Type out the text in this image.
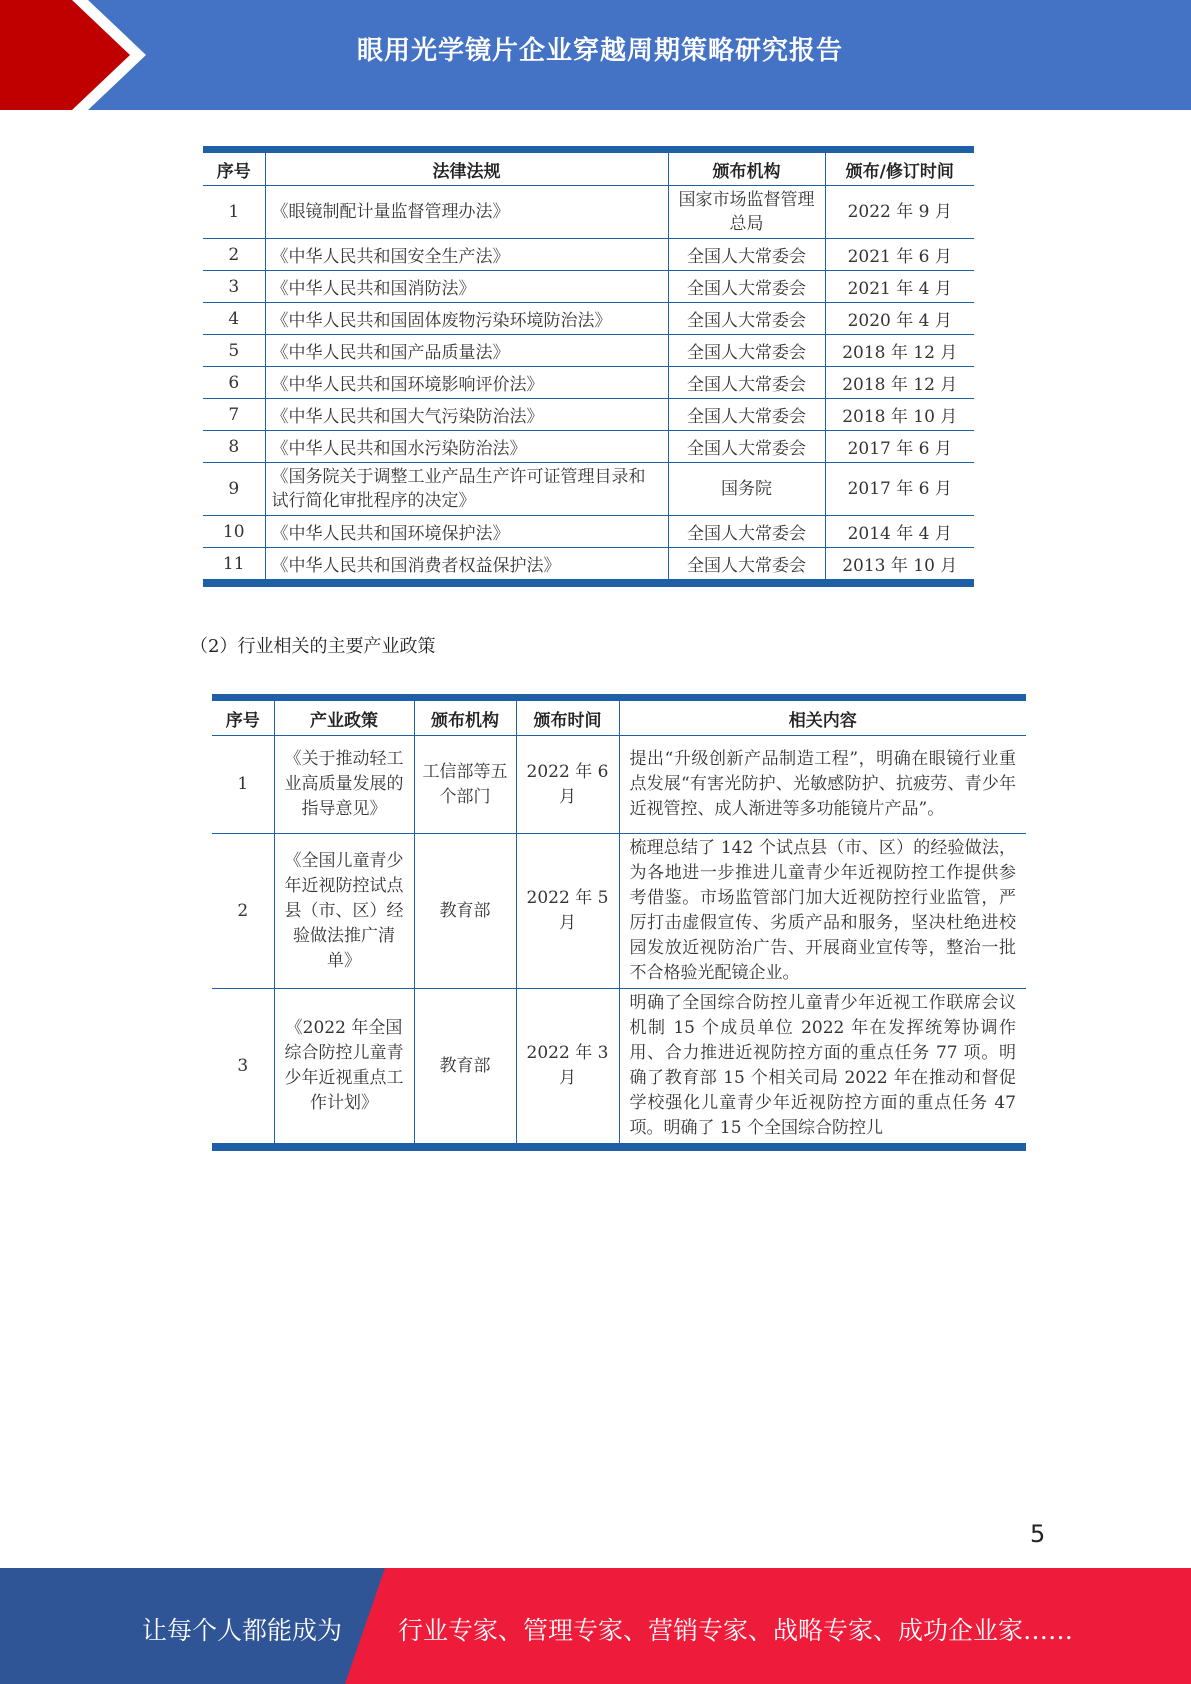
眼用光学镜片企业穿越周期策略研究报告
序号	法律法规	颁布机构	颁布/修订时间
1	《眼镜制配计量监督管理办法》	国家市场监督管理总局	2022 年 9 月
2	《中华人民共和国安全生产法》	全国人大常委会	2021 年 6 月
3	《中华人民共和国消防法》	全国人大常委会	2021 年 4 月
4	《中华人民共和国固体废物污染环境防治法》	全国人大常委会	2020 年 4 月
5	《中华人民共和国产品质量法》	全国人大常委会	2018 年 12 月
6	《中华人民共和国环境影响评价法》	全国人大常委会	2018 年 12 月
7	《中华人民共和国大气污染防治法》	全国人大常委会	2018 年 10 月
8	《中华人民共和国水污染防治法》	全国人大常委会	2017 年 6 月
9	《国务院关于调整工业产品生产许可证管理目录和试行简化审批程序的决定》	国务院	2017 年 6 月
10	《中华人民共和国环境保护法》	全国人大常委会	2014 年 4 月
11	《中华人民共和国消费者权益保护法》	全国人大常委会	2013 年 10 月
（2）行业相关的主要产业政策
序号	产业政策	颁布机构	颁布时间	相关内容
1	《关于推动轻工业高质量发展的指导意见》	工信部等五个部门	2022 年 6 月	提出“升级创新产品制造工程”，明确在眼镜行业重点发展“有害光防护、光敏感防护、抗疲劳、青少年近视管控、成人渐进等多功能镜片产品”。
2	《全国儿童青少年近视防控试点县（市、区）经验做法推广清单》	教育部	2022 年 5 月	梳理总结了 142 个试点县（市、区）的经验做法，为各地进一步推进儿童青少年近视防控工作提供参考借鉴。市场监管部门加大近视防控行业监管，严厉打击虚假宣传、劣质产品和服务，坚决杜绝进校园发放近视防治广告、开展商业宣传等，整治一批不合格验光配镜企业。
3	《2022 年全国综合防控儿童青少年近视重点工作计划》	教育部	2022 年 3 月	明确了全国综合防控儿童青少年近视工作联席会议机制 15 个成员单位 2022 年在发挥统筹协调作用、合力推进近视防控方面的重点任务 77 项。明确了教育部 15 个相关司局 2022 年在推动和督促学校强化儿童青少年近视防控方面的重点任务 47 项。明确了 15 个全国综合防控儿
5
让每个人都能成为 行业专家、管理专家、营销专家、战略专家、成功企业家……
